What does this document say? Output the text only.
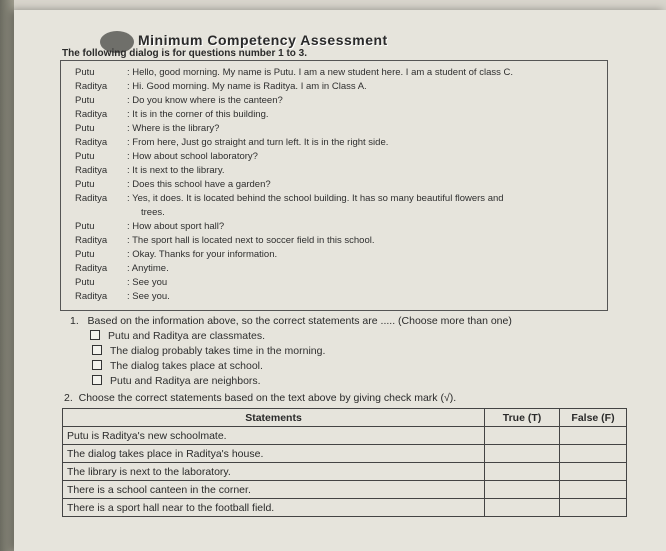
Minimum Competency Assessment
The following dialog is for questions number 1 to 3.
Putu	: Hello, good morning. My name is Putu. I am a new student here. I am a student of class C.
Raditya : Hi. Good morning. My name is Raditya. I am in Class A.
Putu	: Do you know where is the canteen?
Raditya : It is in the corner of this building.
Putu	: Where is the library?
Raditya : From here, Just go straight and turn left. It is in the right side.
Putu	: How about school laboratory?
Raditya : It is next to the library.
Putu	: Does this school have a garden?
Raditya : Yes, it does. It is located behind the school building. It has so many beautiful flowers and
trees.
Putu	: How about sport hall?
Raditya : The sport hall is located next to soccer field in this school.
Putu	: Okay. Thanks for your information.
Raditya : Anytime.
Putu	: See you
Raditya : See you.
1. Based on the information above, so the correct statements are ..... (Choose more than one)
Putu and Raditya are classmates.
The dialog probably takes time in the morning.
The dialog takes place at school.
Putu and Raditya are neighbors.
2. Choose the correct statements based on the text above by giving check mark (√).
Statements	True (T)	False (F)
Putu is Raditya's new schoolmate.		
The dialog takes place in Raditya's house.		
The library is next to the laboratory.		
There is a school canteen in the corner.		
There is a sport hall near to the football field.		
